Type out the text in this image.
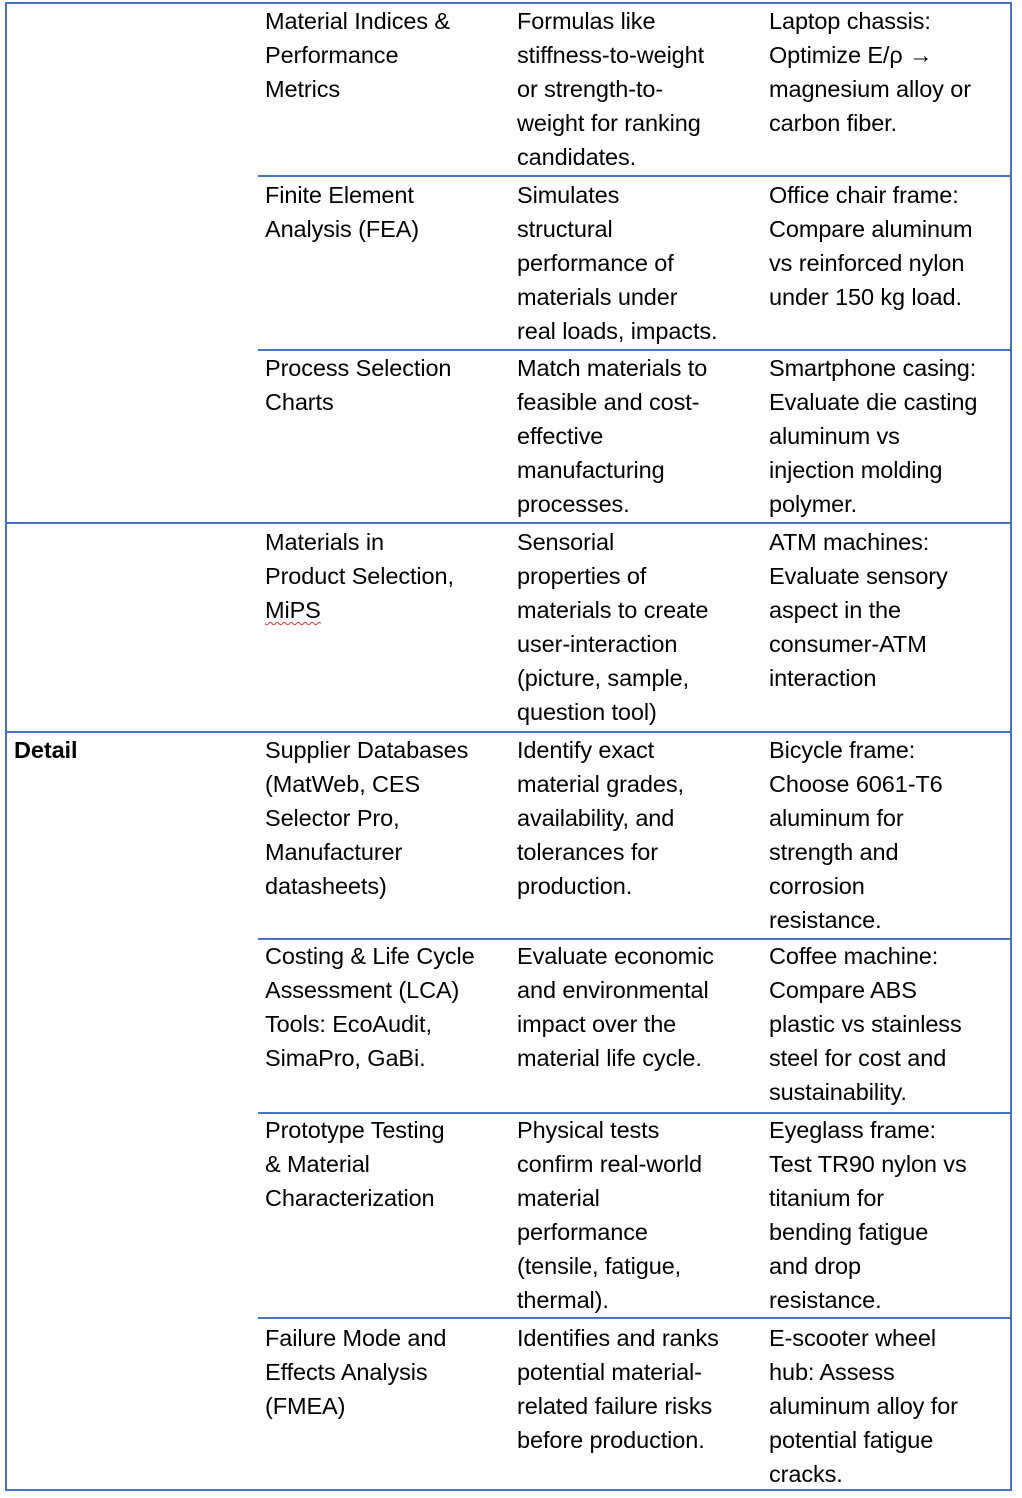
Material Indices &
Performance
Metrics
Formulas like
stiffness-to-weight
or strength-to-
weight for ranking
candidates.
Laptop chassis:
Optimize E/ρ →
magnesium alloy or
carbon fiber.
Finite Element
Analysis (FEA)
Simulates
structural
performance of
materials under
real loads, impacts.
Office chair frame:
Compare aluminum
vs reinforced nylon
under 150 kg load.
Process Selection
Charts
Match materials to
feasible and cost-
effective
manufacturing
processes.
Smartphone casing:
Evaluate die casting
aluminum vs
injection molding
polymer.
Materials in
Product Selection,
MiPS
Sensorial
properties of
materials to create
user-interaction
(picture, sample,
question tool)
ATM machines:
Evaluate sensory
aspect in the
consumer-ATM
interaction
Detail	Supplier Databases
(MatWeb, CES
Selector Pro,
Manufacturer
datasheets)
Identify exact
material grades,
availability, and
tolerances for
production.
Bicycle frame:
Choose 6061-T6
aluminum for
strength and
corrosion
resistance.
Costing & Life Cycle
Assessment (LCA)
Tools: EcoAudit,
SimaPro, GaBi.
Evaluate economic
and environmental
impact over the
material life cycle.
Coffee machine:
Compare ABS
plastic vs stainless
steel for cost and
sustainability.
Prototype Testing
& Material
Characterization
Physical tests
confirm real-world
material
performance
(tensile, fatigue,
thermal).
Eyeglass frame:
Test TR90 nylon vs
titanium for
bending fatigue
and drop
resistance.
Failure Mode and
Effects Analysis
(FMEA)
Identifies and ranks
potential material-
related failure risks
before production.
E-scooter wheel
hub: Assess
aluminum alloy for
potential fatigue
cracks.
